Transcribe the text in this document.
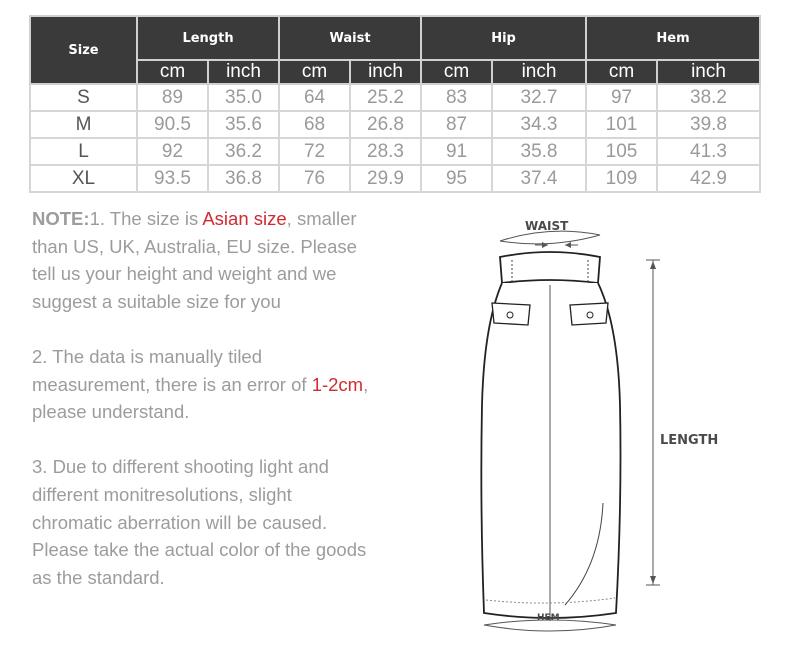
Size	Length		Waist		Hip		Hem	
	cm	inch	cm	inch	cm	inch	cm	inch
S	89	35.0	64	25.2	83	32.7	97	38.2
M	90.5	35.6	68	26.8	87	34.3	101	39.8
L	92	36.2	72	28.3	91	35.8	105	41.3
XL	93.5	36.8	76	29.9	95	37.4	109	42.9

NOTE:1. The size is Asian size, smaller than US, UK, Australia, EU size. Please tell us your height and weight and we suggest a suitable size for you

2. The data is manually tiled measurement, there is an error of 1-2cm, please understand.

3. Due to different shooting light and different monitresolutions, slight chromatic aberration will be caused. Please take the actual color of the goods as the standard.

WAIST
LENGTH
HEM
